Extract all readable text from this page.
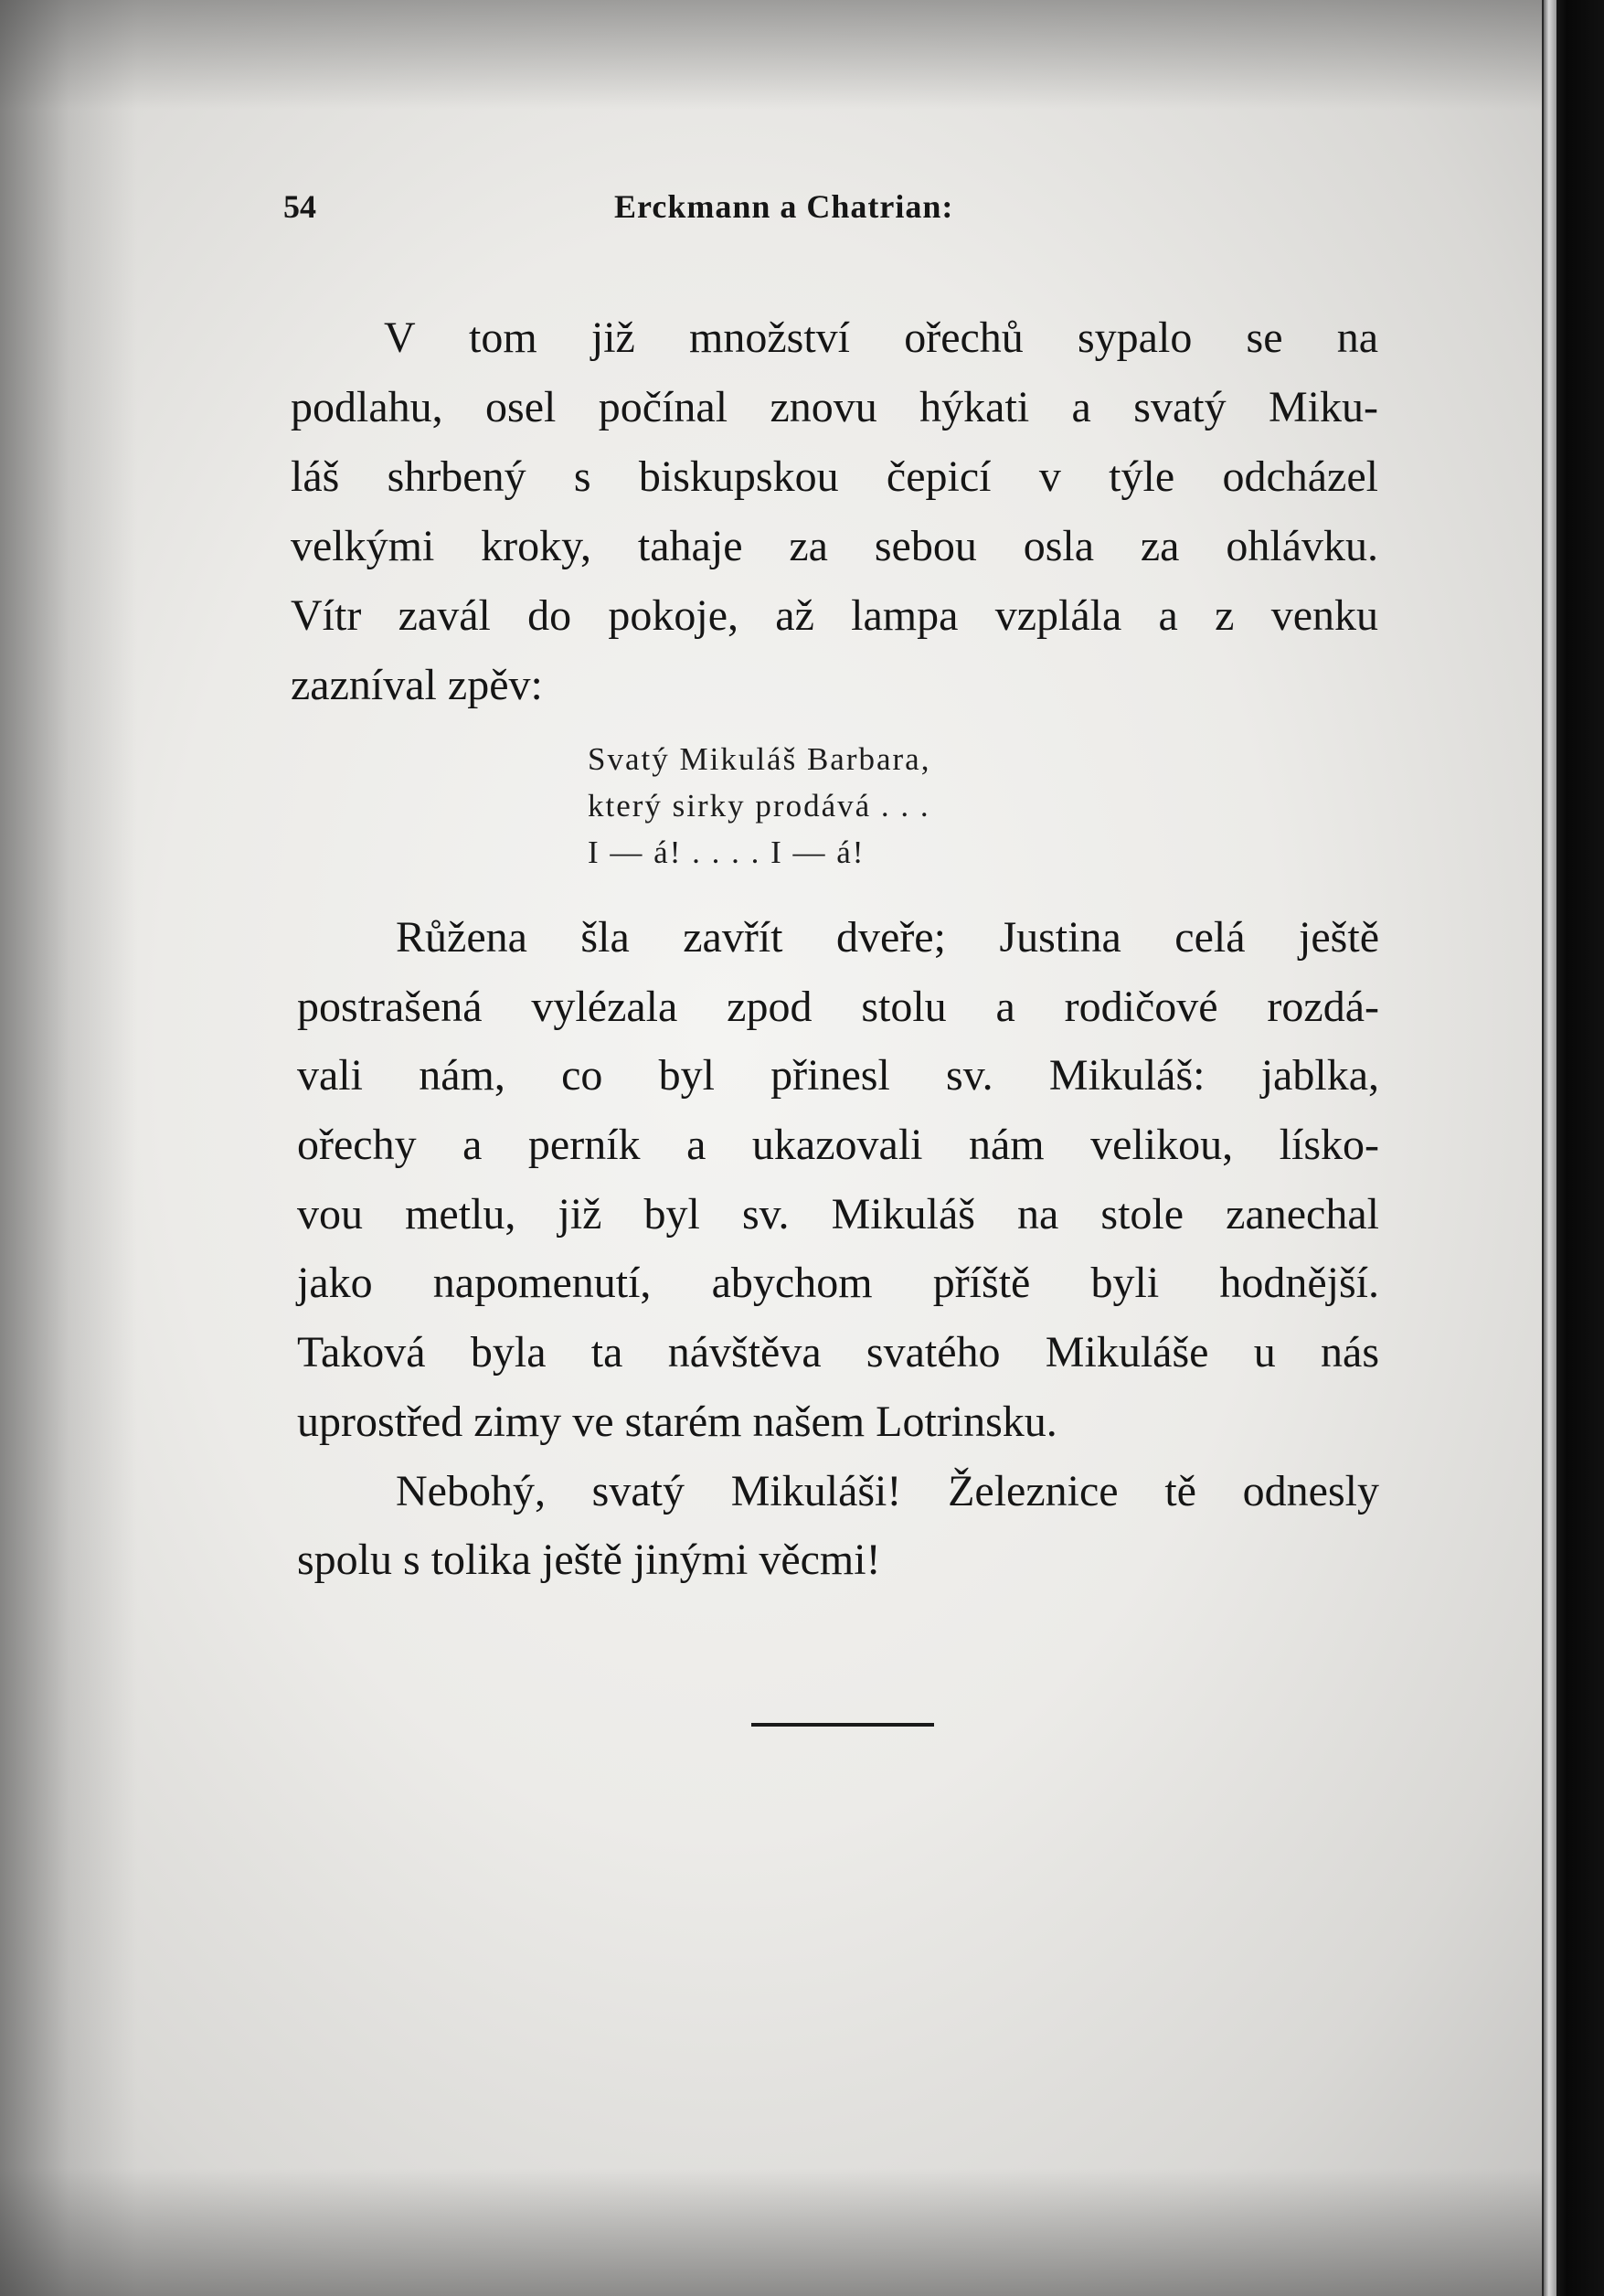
54	Erckmann a Chatrian:
V tom již množství ořechů sypalo se na
podlahu, osel počínal znovu hýkati a svatý Miku-
láš shrbený s biskupskou čepicí v týle odcházel
velkými kroky, tahaje za sebou osla za ohlávku.
Vítr zavál do pokoje, až lampa vzplála a z venku
zazníval zpěv:
Svatý Mikuláš Barbara,
který sirky prodává . . .
I — á! . . . . I — á!
Růžena šla zavřít dveře; Justina celá ještě
postrašená vylézala zpod stolu a rodičové rozdá-
vali nám, co byl přinesl sv. Mikuláš: jablka,
ořechy a perník a ukazovali nám velikou, lísko-
vou metlu, již byl sv. Mikuláš na stole zanechal
jako napomenutí, abychom příště byli hodnější.
Taková byla ta návštěva svatého Mikuláše u nás
uprostřed zimy ve starém našem Lotrinsku.
Nebohý, svatý Mikuláši! Železnice tě odnesly
spolu s tolika ještě jinými věcmi!
